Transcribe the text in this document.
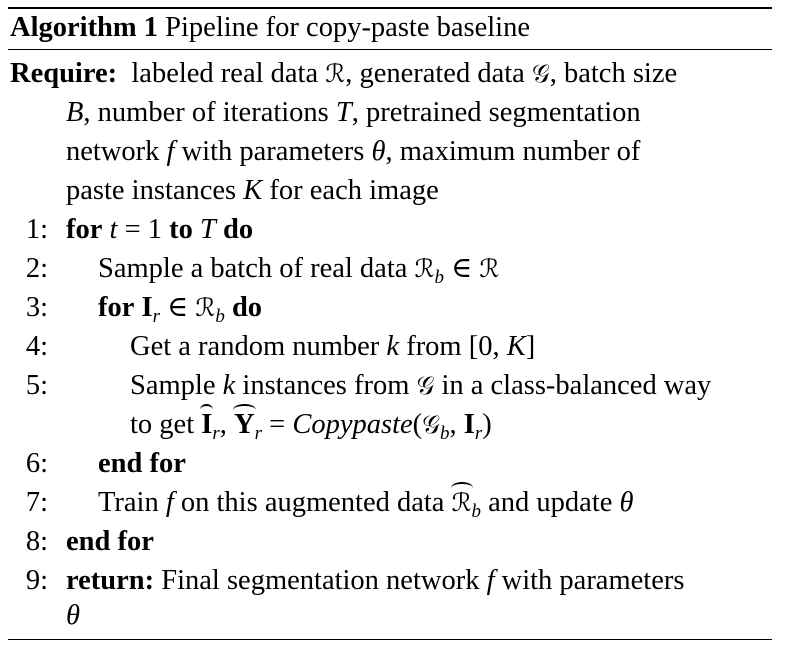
Algorithm 1 Pipeline for copy-paste baseline
Require:  labeled real data ℛ, generated data 𝒢, batch size
B, number of iterations T, pretrained segmentation
network f with parameters θ, maximum number of
paste instances K for each image
1: for t = 1 to T do
2: Sample a batch of real data ℛ$_b$ ∈ ℛ
3: for $I_r$ ∈ ℛ$_b$ do
4:	Get a random number k from [0, K]
5:	Sample k instances from 𝒢 in a class-balanced way
to get $I_r$, $Y_r$ = Copypaste(𝒢$_b$, $I_r$)
6: end for
7: Train f on this augmented data ℛ$_b$ and update θ
8: end for
9: return: Final segmentation network f with parameters
θ
